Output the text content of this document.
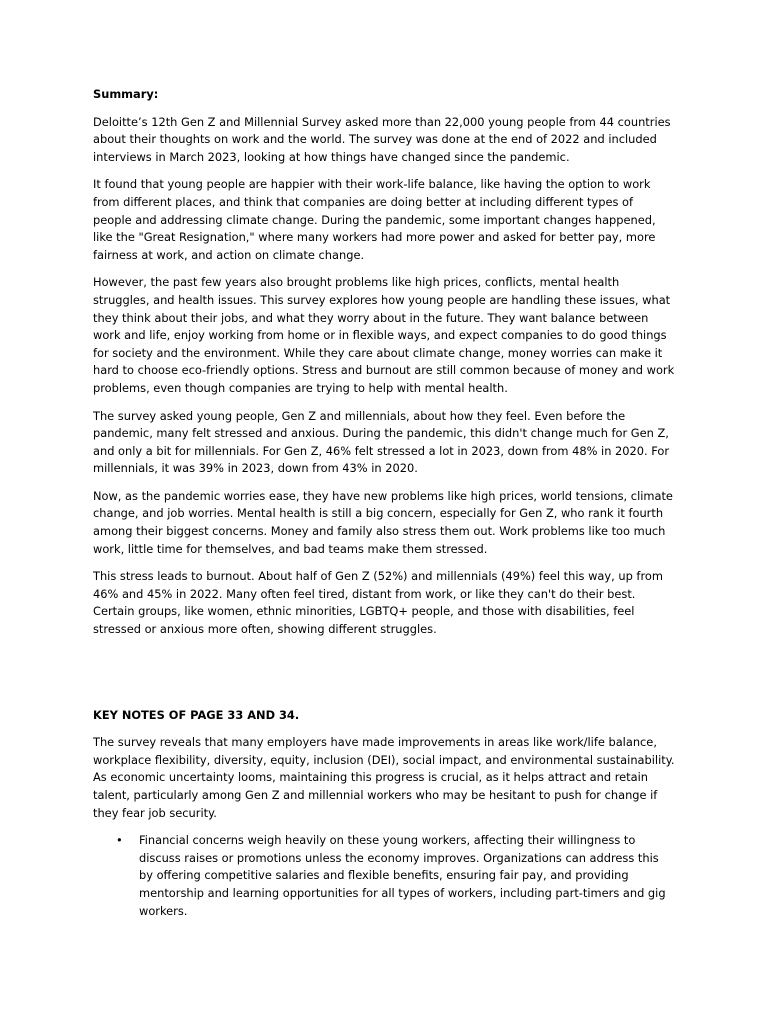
Summary:

Deloitte’s 12th Gen Z and Millennial Survey asked more than 22,000 young people from 44 countries about their thoughts on work and the world. The survey was done at the end of 2022 and included interviews in March 2023, looking at how things have changed since the pandemic.

It found that young people are happier with their work-life balance, like having the option to work from different places, and think that companies are doing better at including different types of people and addressing climate change. During the pandemic, some important changes happened, like the "Great Resignation," where many workers had more power and asked for better pay, more fairness at work, and action on climate change.

However, the past few years also brought problems like high prices, conflicts, mental health struggles, and health issues. This survey explores how young people are handling these issues, what they think about their jobs, and what they worry about in the future. They want balance between work and life, enjoy working from home or in flexible ways, and expect companies to do good things for society and the environment. While they care about climate change, money worries can make it hard to choose eco-friendly options. Stress and burnout are still common because of money and work problems, even though companies are trying to help with mental health.

The survey asked young people, Gen Z and millennials, about how they feel. Even before the pandemic, many felt stressed and anxious. During the pandemic, this didn't change much for Gen Z, and only a bit for millennials. For Gen Z, 46% felt stressed a lot in 2023, down from 48% in 2020. For millennials, it was 39% in 2023, down from 43% in 2020.

Now, as the pandemic worries ease, they have new problems like high prices, world tensions, climate change, and job worries. Mental health is still a big concern, especially for Gen Z, who rank it fourth among their biggest concerns. Money and family also stress them out. Work problems like too much work, little time for themselves, and bad teams make them stressed.

This stress leads to burnout. About half of Gen Z (52%) and millennials (49%) feel this way, up from 46% and 45% in 2022. Many often feel tired, distant from work, or like they can't do their best. Certain groups, like women, ethnic minorities, LGBTQ+ people, and those with disabilities, feel stressed or anxious more often, showing different struggles.

KEY NOTES OF PAGE 33 AND 34.

The survey reveals that many employers have made improvements in areas like work/life balance, workplace flexibility, diversity, equity, inclusion (DEI), social impact, and environmental sustainability. As economic uncertainty looms, maintaining this progress is crucial, as it helps attract and retain talent, particularly among Gen Z and millennial workers who may be hesitant to push for change if they fear job security.

• Financial concerns weigh heavily on these young workers, affecting their willingness to discuss raises or promotions unless the economy improves. Organizations can address this by offering competitive salaries and flexible benefits, ensuring fair pay, and providing mentorship and learning opportunities for all types of workers, including part-timers and gig workers.
